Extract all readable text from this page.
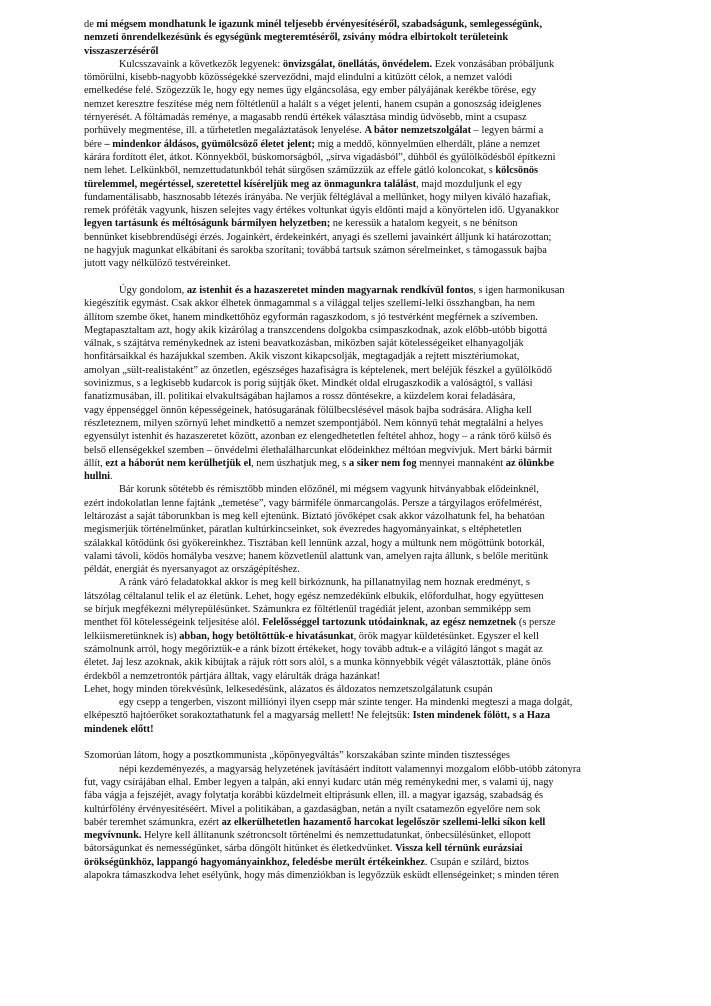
de mi mégsem mondhatunk le igazunk minél teljesebb érvényesítéséről, szabadságunk, semlegességünk,
nemzeti önrendelkezésünk és egységünk megteremtéséről, zsivány módra elbirtokolt területeink
visszaszerzéséről
Kulcsszavaink a következők legyenek: önvizsgálat, önellátás, önvédelem. Ezek vonzásában próbáljunk
tömörülni, kisebb-nagyobb közösségekké szerveződni, majd elindulni a kitűzött célok, a nemzet valódi
emelkedése felé. Szögezzük le, hogy egy nemes ügy elgáncsolása, egy ember pályájának kerékbe törése, egy
nemzet keresztre feszítése még nem föltétlenül a halált s a véget jelenti, hanem csupán a gonoszság ideiglenes
térnyerését. A föltámadás reménye, a magasabb rendű értékek választása mindig üdvösebb, mint a csupasz
porhüvely megmentése, ill. a tűrhetetlen megaláztatások lenyelése. A bátor nemzetszolgálat – legyen bármi a
bére – mindenkor áldásos, gyümölcsöző életet jelent; míg a meddő, könnyelműen elherdált, pláne a nemzet
kárára fordított élet, átkot. Könnyekből, búskomorságból, „sírva vigadásból”, dühből és gyűlölködésből építkezni
nem lehet. Lelkünkből, nemzettudatunkból tehát sürgősen száműzzük az effele gátló koloncokat, s kölcsönös
türelemmel, megértéssel, szeretettel kíséreljük meg az önmagunkra találást, majd mozduljunk el egy
fundamentálisabb, hasznosabb létezés irányába. Ne verjük féltéglával a mellünket, hogy milyen kiváló hazafiak,
remek próféták vagyunk, hiszen selejtes vagy értékes voltunkat úgyis eldönti majd a könyörtelen idő. Ugyanakkor
legyen tartásunk és méltóságunk bármilyen helyzetben; ne keressük a hatalom kegyeit, s ne bénítson
bennünket kisebbrendűségi érzés. Jogainkért, érdekeinkért, anyagi és szellemi javainkért álljunk ki határozottan;
ne hagyjuk magunkat elkábítani és sarokba szorítani; továbbá tartsuk számon sérelmeinket, s támogassuk bajba
jutott vagy nélkülöző testvéreinket.
Úgy gondolom, az istenhit és a hazaszeretet minden magyarnak rendkívül fontos, s igen harmonikusan
kiegészítik egymást. Csak akkor élhetek önmagammal s a világgal teljes szellemi-lelki összhangban, ha nem
állítom szembe őket, hanem mindkettőhöz egyformán ragaszkodom, s jó testvérként megférnek a szívemben.
Megtapasztaltam azt, hogy akik kizárólag a transzcendens dolgokba csimpaszkodnak, azok előbb-utóbb bigottá
válnak, s szájtátva reménykednek az isteni beavatkozásban, miközben saját kötelességeiket elhanyagolják
honfitársaikkal és hazájukkal szemben. Akik viszont kikapcsolják, megtagadják a rejtett misztériumokat,
amolyan „sült-realistaként” az önzetlen, egészséges hazafiságra is képtelenek, mert beléjük fészkel a gyűlölködő
sovinizmus, s a legkisebb kudarcok is porig sújtják őket. Mindkét oldal elrugaszkodik a valóságtól, s vallási
fanatizmusában, ill. politikai elvakultságában hajlamos a rossz döntésekre, a küzdelem korai feladására,
vagy éppenséggel önnön képességeinek, hatósugarának fölülbecslésével mások bajba sodrására. Aligha kell
részleteznem, milyen szörnyű lehet mindkettő a nemzet szempontjából. Nem könnyű tehát megtalálni a helyes
egyensúlyt istenhit és hazaszeretet között, azonban ez elengedhetetlen feltétel ahhoz, hogy – a ránk törő külső és
belső ellenségekkel szemben – önvédelmi élethalálharcunkat elődeinkhez méltóan megvívjuk. Mert bárki bármit
állít, ezt a háborút nem kerülhetjük el, nem úszhatjuk meg, s a siker nem fog mennyei mannaként az ölünkbe
hullni.
Bár korunk sötétebb és rémisztőbb minden előzőnél, mi mégsem vagyunk hitványabbak elődeinknél,
ezért indokolatlan lenne fajtánk „temetése”, vagy bármiféle önmarcangolás. Persze a tárgyilagos erőfelmérést,
leltározást a saját táborunkban is meg kell ejtenünk. Biztató jövőképet csak akkor vázolhatunk fel, ha behatóan
megismerjük történelmünket, páratlan kultúrkincseinket, sok évezredes hagyományainkat, s eltéphetetlen
szálakkal kötődünk ősi gyökereinkhez. Tisztában kell lennünk azzal, hogy a múltunk nem mögöttünk botorkál,
valami távoli, ködös homályba veszve; hanem közvetlenül alattunk van, amelyen rajta állunk, s belőle merítünk
példát, energiát és nyersanyagot az országépítéshez.
A ránk váró feladatokkal akkor is meg kell birkóznunk, ha pillanatnyilag nem hoznak eredményt, s
látszólag céltalanul telik el az életünk. Lehet, hogy egész nemzedékünk elbukik, előfordulhat, hogy együttesen
se bírjuk megfékezni mélyrepülésünket. Számunkra ez föltétlenül tragédiát jelent, azonban semmiképp sem
menthet föl kötelességeink teljesítése alól. Felelősséggel tartozunk utódainknak, az egész nemzetnek (s persze
lelkiismeretünknek is) abban, hogy betöltöttük-e hivatásunkat, örök magyar küldetésünket. Egyszer el kell
számolnunk arról, hogy megőriztük-e a ránk bízott értékeket, hogy tovább adtuk-e a világító lángot s magát az
életet. Jaj lesz azoknak, akik kibújtak a rájuk rótt sors alól, s a munka könnyebbik végét választották, pláne önös
érdekből a nemzetrontók pártjára álltak, vagy elárulták drága hazánkat!
Lehet, hogy minden törekvésünk, lelkesedésünk, alázatos és áldozatos nemzetszolgálatunk csupán
egy csepp a tengerben, viszont milliónyi ilyen csepp már szinte tenger. Ha mindenki megteszi a maga dolgát,
elképesztő hajtóerőket sorakoztathatunk fel a magyarság mellett! Ne felejtsük: Isten mindenek fölött, s a Haza
mindenek előtt!
Szomorúan látom, hogy a posztkommunista „köpönyegváltás” korszakában szinte minden tisztességes
népi kezdeményezés, a magyarság helyzetének javításáért indított valamennyi mozgalom előbb-utóbb zátonyra
fut, vagy csírájában elhal. Ember legyen a talpán, aki ennyi kudarc után még reménykedni mer, s valami új, nagy
fába vágja a fejszéjét, avagy folytatja korábbi küzdelmeit eltiprásunk ellen, ill. a magyar igazság, szabadság és
kultúrfölény érvényesítéséért. Mivel a politikában, a gazdaságban, netán a nyílt csatamezőn egyelőre nem sok
babér teremhet számunkra, ezért az elkerülhetetlen hazamentő harcokat legelőször szellemi-lelki síkon kell
megvívnunk. Helyre kell állítanunk szétroncsolt történelmi és nemzettudatunkat, önbecsülésünket, ellopott
bátorságunkat és nemességünket, sárba döngölt hitünket és életkedvünket. Vissza kell térnünk eurázsiai
örökségünkhöz, lappangó hagyományainkhoz, feledésbe merült értékeinkhez. Csupán e szilárd, biztos
alapokra támaszkodva lehet esélyünk, hogy más dimenziókban is legyőzzük esküdt ellenségeinket; s minden téren
